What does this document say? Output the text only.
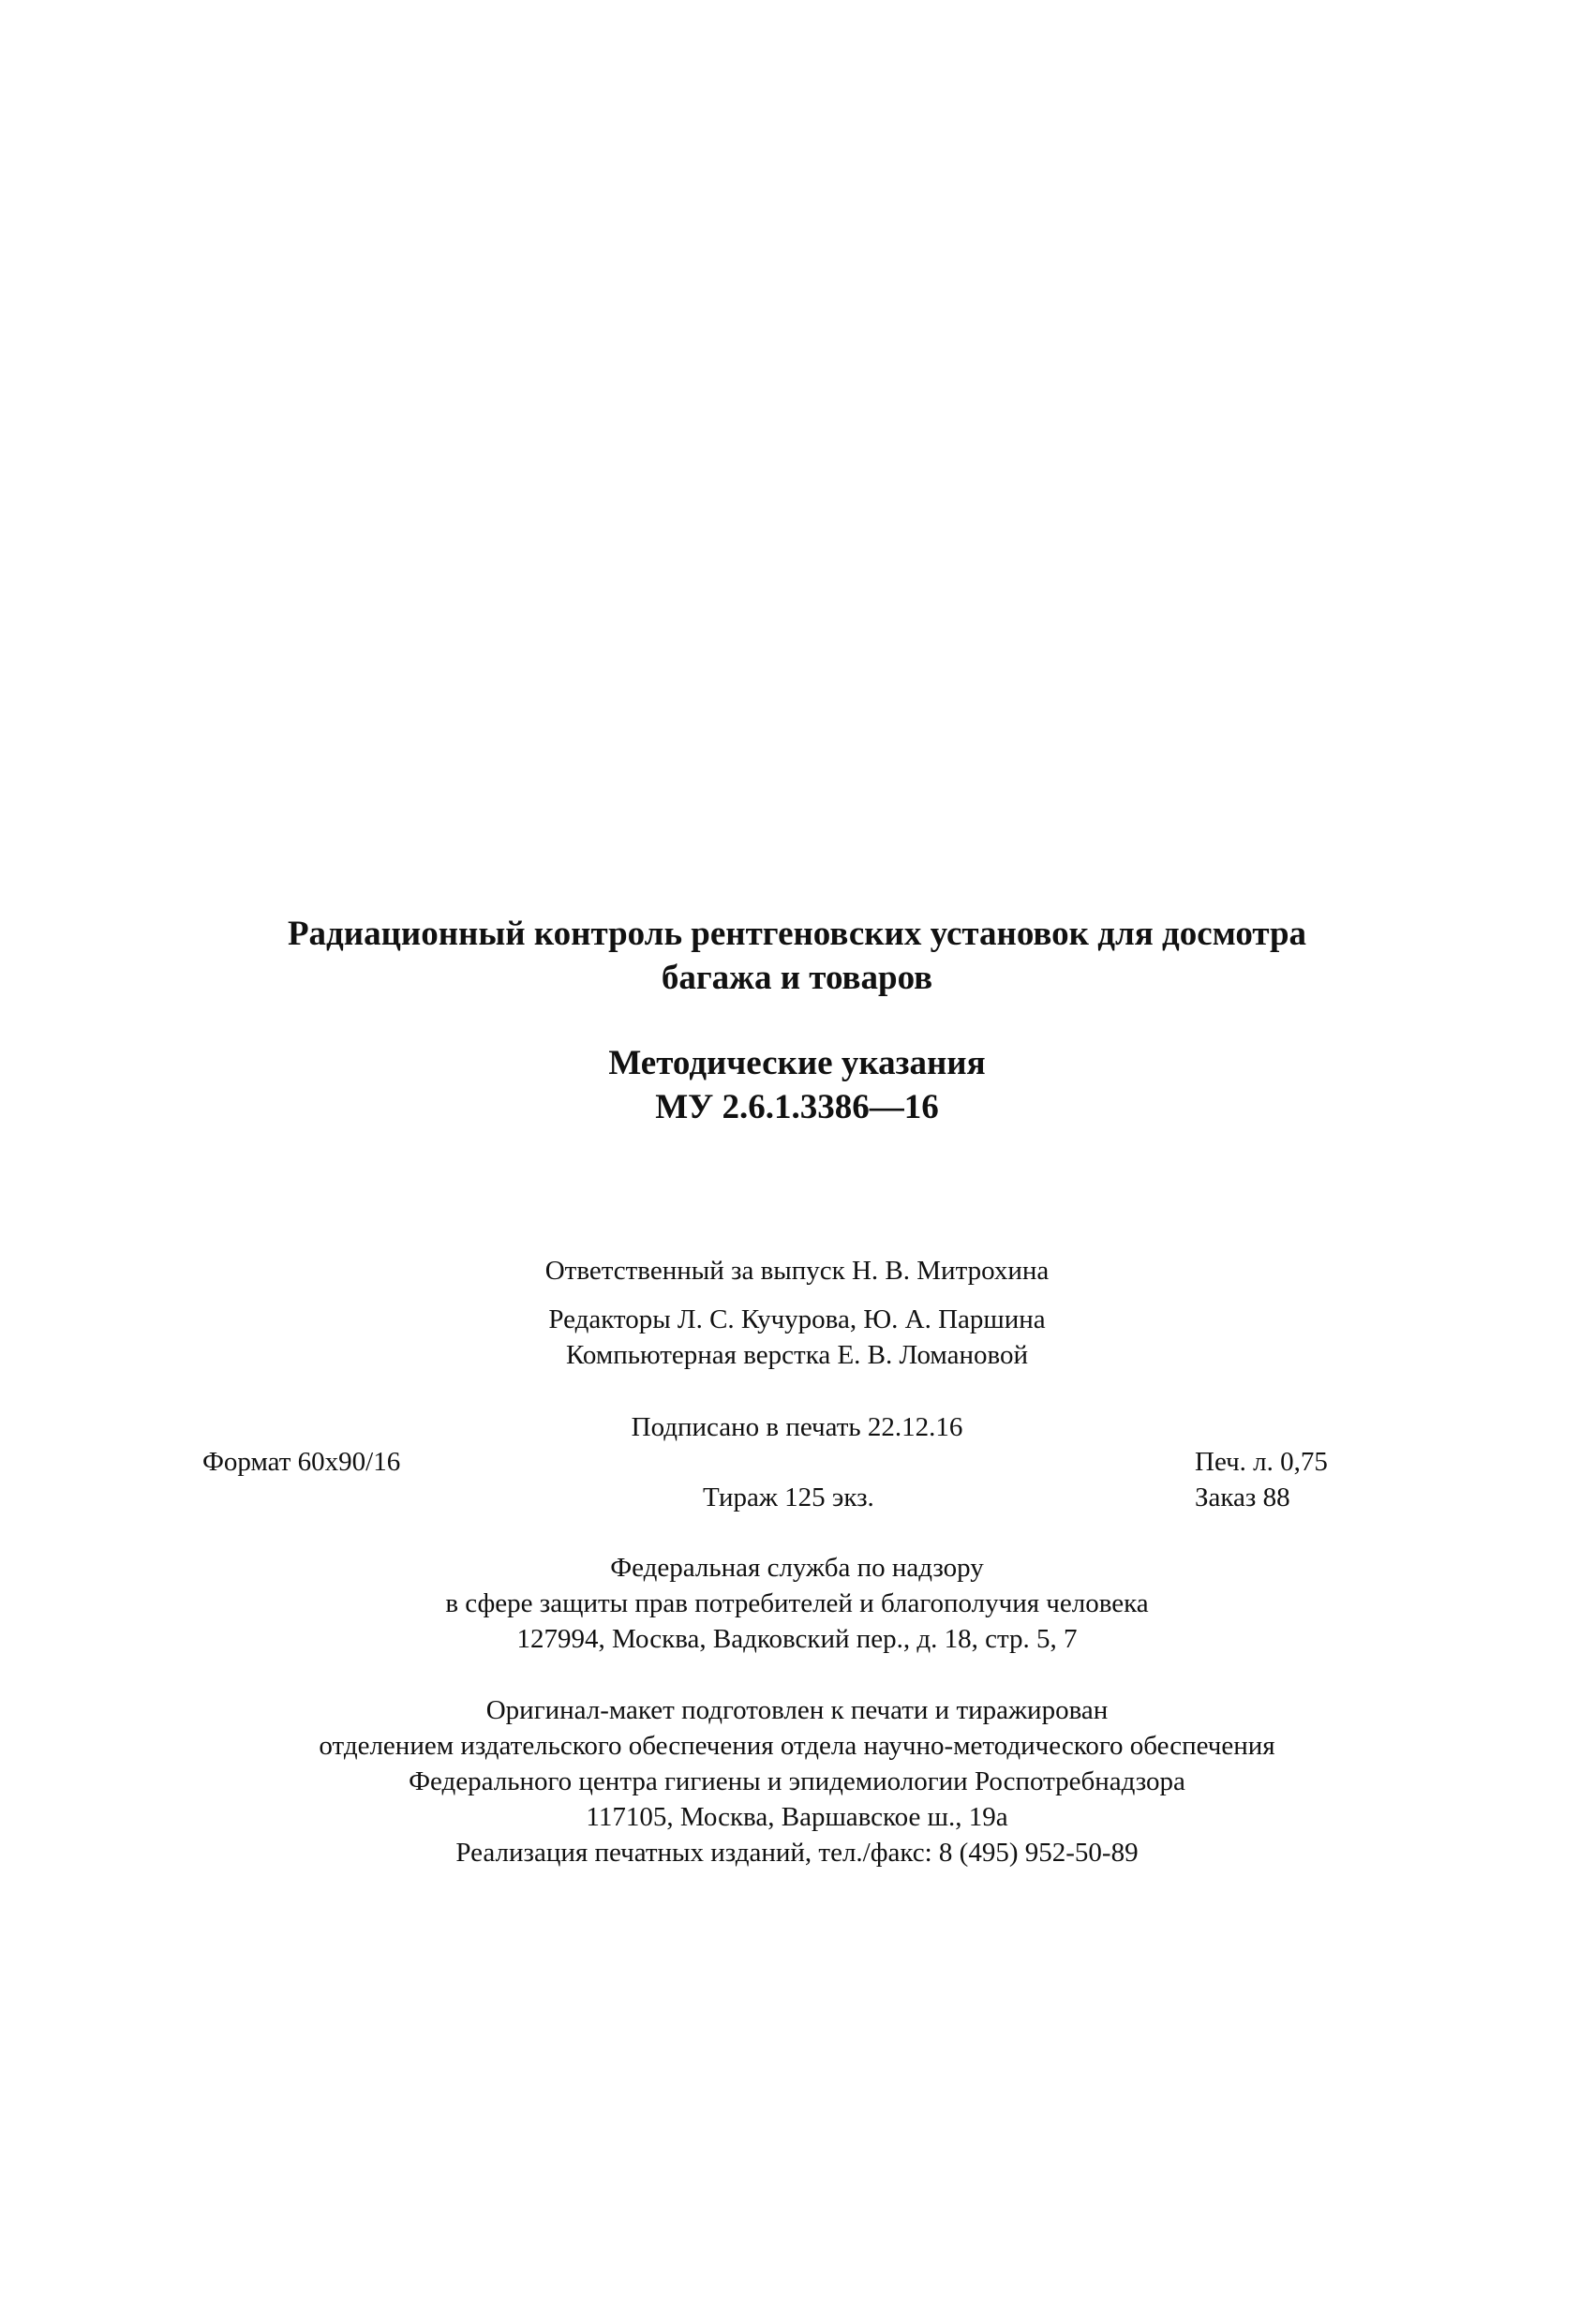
Радиационный контроль рентгеновских установок для досмотра
багажа и товаров
Методические указания
МУ 2.6.1.3386—16
Ответственный за выпуск Н. В. Митрохина
Редакторы Л. С. Кучурова, Ю. А. Паршина
Компьютерная верстка Е. В. Ломановой
Подписано в печать 22.12.16
Формат 60x90/16	Печ. л. 0,75
Тираж 125 экз.	Заказ 88
Федеральная служба по надзору
в сфере защиты прав потребителей и благополучия человека
127994, Москва, Вадковский пер., д. 18, стр. 5, 7
Оригинал-макет подготовлен к печати и тиражирован
отделением издательского обеспечения отдела научно-методического обеспечения
Федерального центра гигиены и эпидемиологии Роспотребнадзора
117105, Москва, Варшавское ш., 19а
Реализация печатных изданий, тел./факс: 8 (495) 952-50-89
